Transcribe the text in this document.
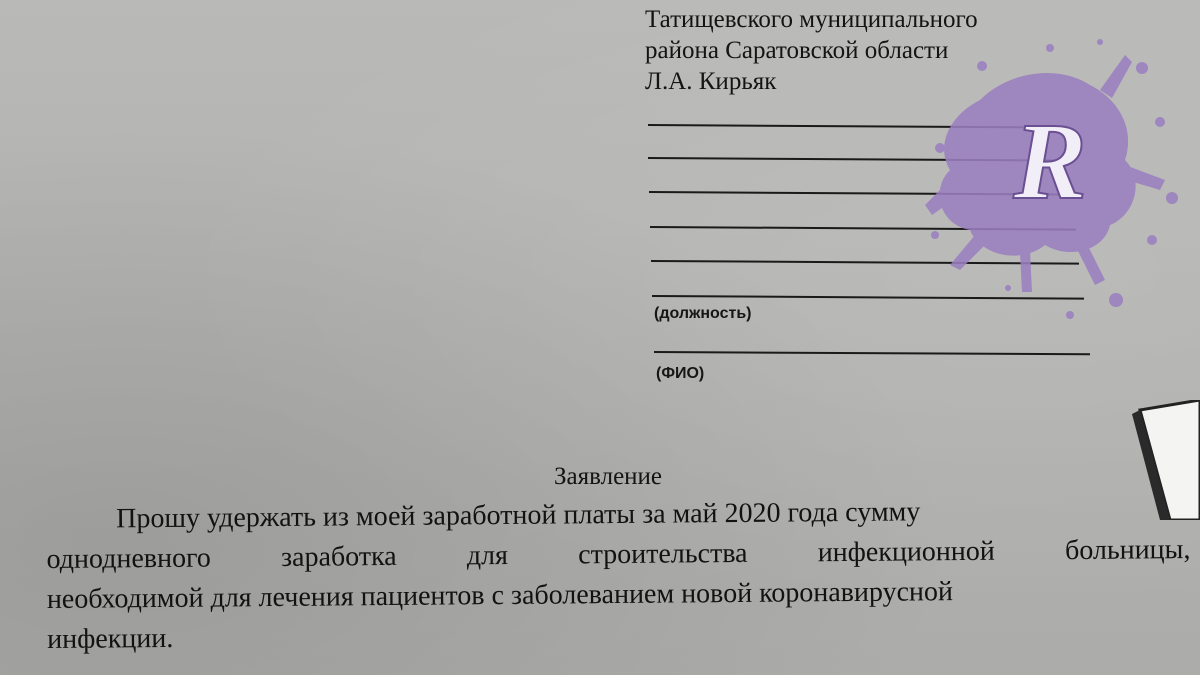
Татищевского муниципального
района Саратовской области
Л.А. Кирьяк
(должность)
(ФИО)
R
Заявление
Прошу удержать из моей заработной платы за май 2020 года сумму
однодневного заработка для строительства инфекционной больницы,
необходимой для лечения пациентов с заболеванием новой коронавирусной
инфекции.
